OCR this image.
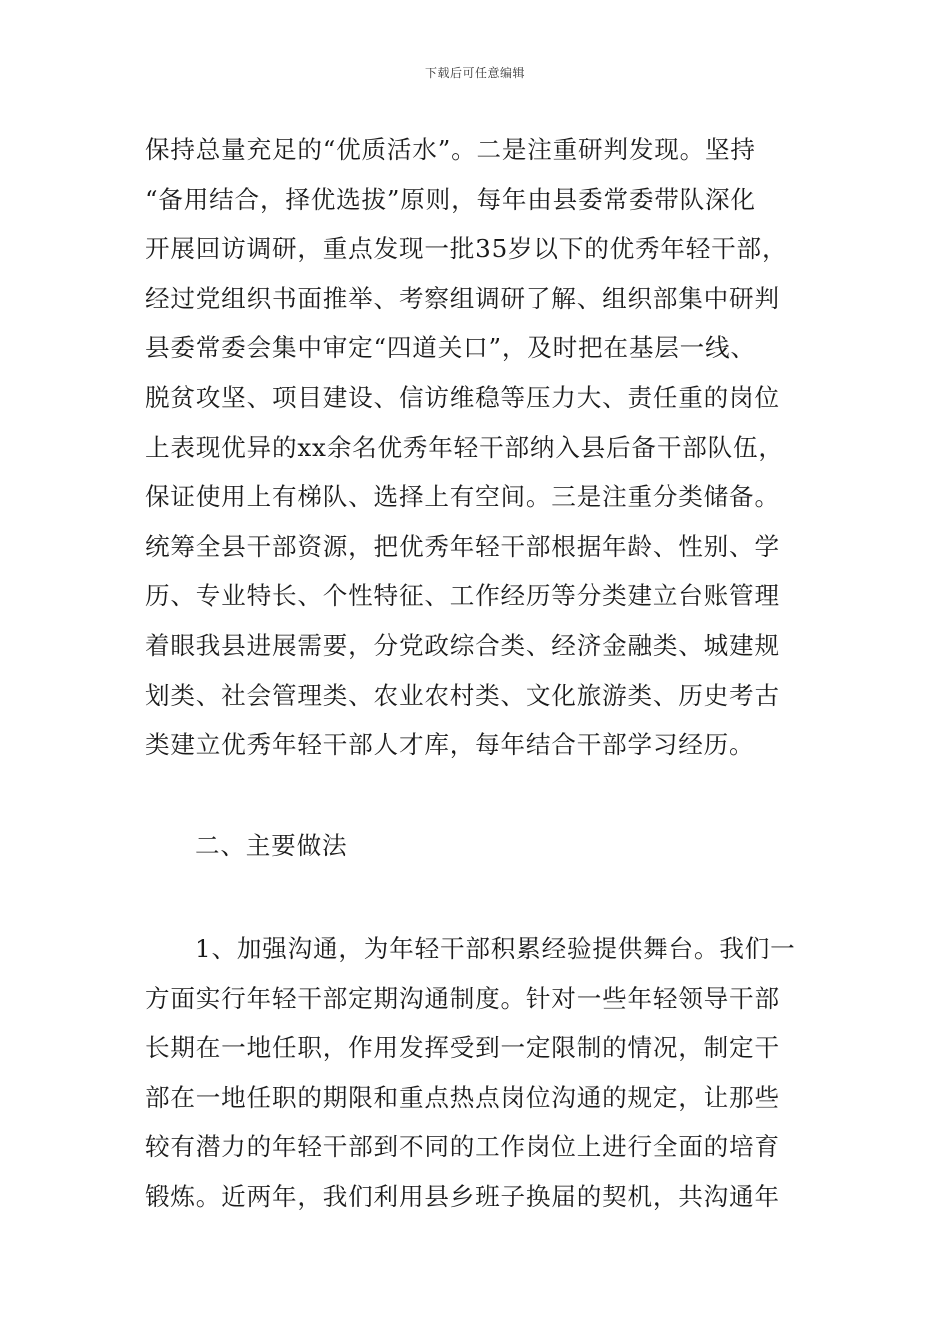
下载后可任意编辑
保持总量充足的“优质活水”。二是注重研判发现。坚持
“备用结合，择优选拔”原则，每年由县委常委带队深化
开展回访调研，重点发现一批35岁以下的优秀年轻干部，
经过党组织书面推举、考察组调研了解、组织部集中研判
县委常委会集中审定“四道关口”，及时把在基层一线、
脱贫攻坚、项目建设、信访维稳等压力大、责任重的岗位
上表现优异的xx余名优秀年轻干部纳入县后备干部队伍，
保证使用上有梯队、选择上有空间。三是注重分类储备。
统筹全县干部资源，把优秀年轻干部根据年龄、性别、学
历、专业特长、个性特征、工作经历等分类建立台账管理
着眼我县进展需要，分党政综合类、经济金融类、城建规
划类、社会管理类、农业农村类、文化旅游类、历史考古
类建立优秀年轻干部人才库，每年结合干部学习经历。
二、主要做法
1、加强沟通，为年轻干部积累经验提供舞台。我们一
方面实行年轻干部定期沟通制度。针对一些年轻领导干部
长期在一地任职，作用发挥受到一定限制的情况，制定干
部在一地任职的期限和重点热点岗位沟通的规定，让那些
较有潜力的年轻干部到不同的工作岗位上进行全面的培育
锻炼。近两年，我们利用县乡班子换届的契机，共沟通年
